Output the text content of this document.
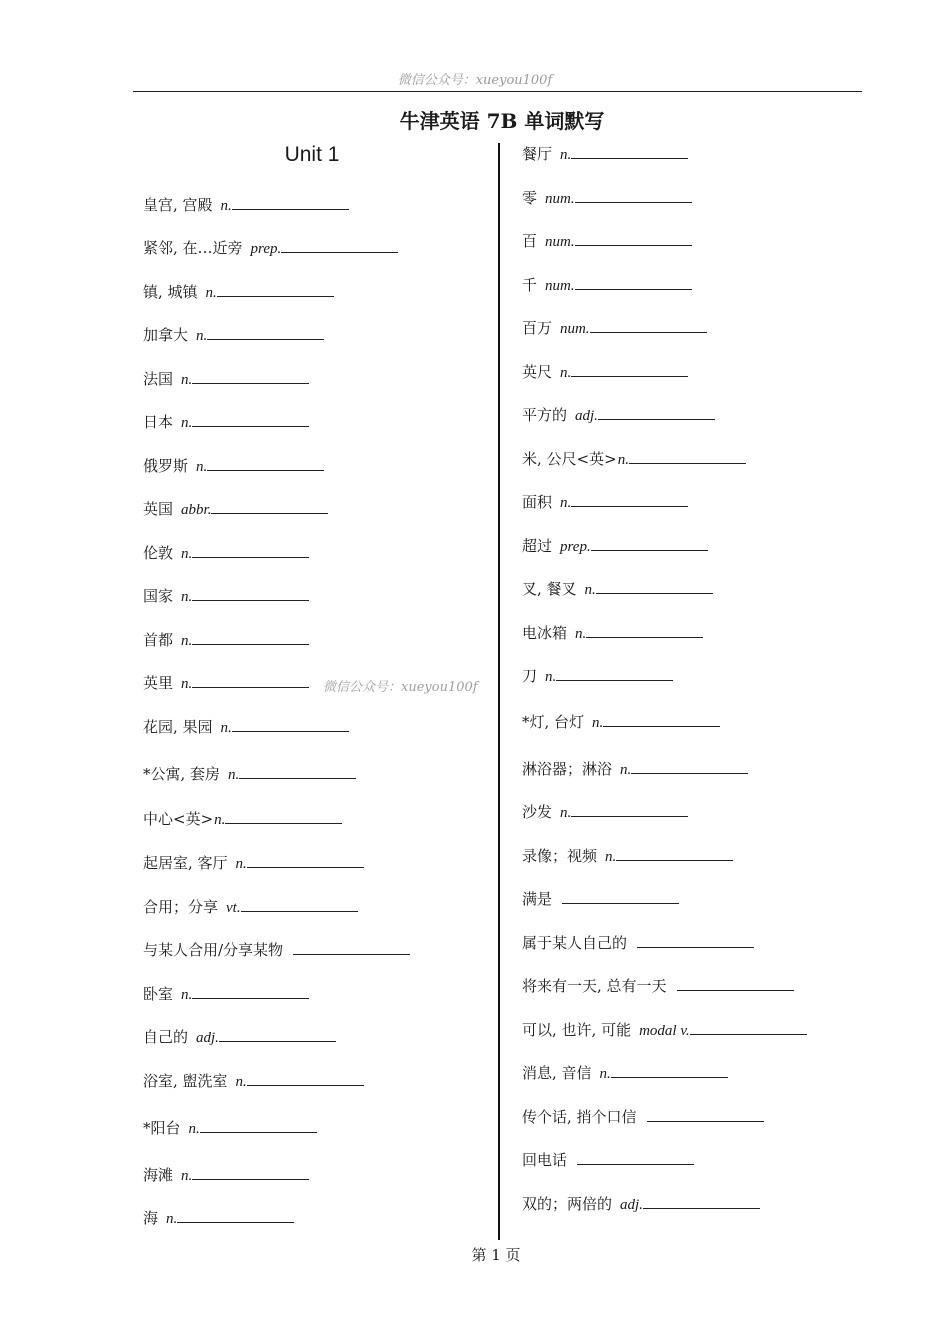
微信公众号：xueyou100f
牛津英语 7B 单词默写
Unit 1
皇宫, 宫殿 n.
紧邻, 在…近旁 prep.
镇, 城镇 n.
加拿大 n.
法国 n.
日本 n.
俄罗斯 n.
英国 abbr.
伦敦 n.
国家 n.
首都 n.
英里 n.
花园, 果园 n.
*公寓, 套房 n.
中心<英>n.
起居室, 客厅 n.
合用；分享 vt.
与某人合用/分享某物
卧室 n.
自己的 adj.
浴室, 盥洗室 n.
*阳台 n.
海滩 n.
海 n.
餐厅 n.
零 num.
百 num.
千 num.
百万 num.
英尺 n.
平方的 adj.
米, 公尺<英>n.
面积 n.
超过 prep.
叉, 餐叉 n.
电冰箱 n.
刀 n.
*灯, 台灯 n.
淋浴器；淋浴 n.
沙发 n.
录像；视频 n.
满是
属于某人自己的
将来有一天, 总有一天
可以, 也许, 可能 modal v.
消息, 音信 n.
传个话, 捎个口信
回电话
双的；两倍的 adj.
微信公众号：xueyou100f
第 1 页
